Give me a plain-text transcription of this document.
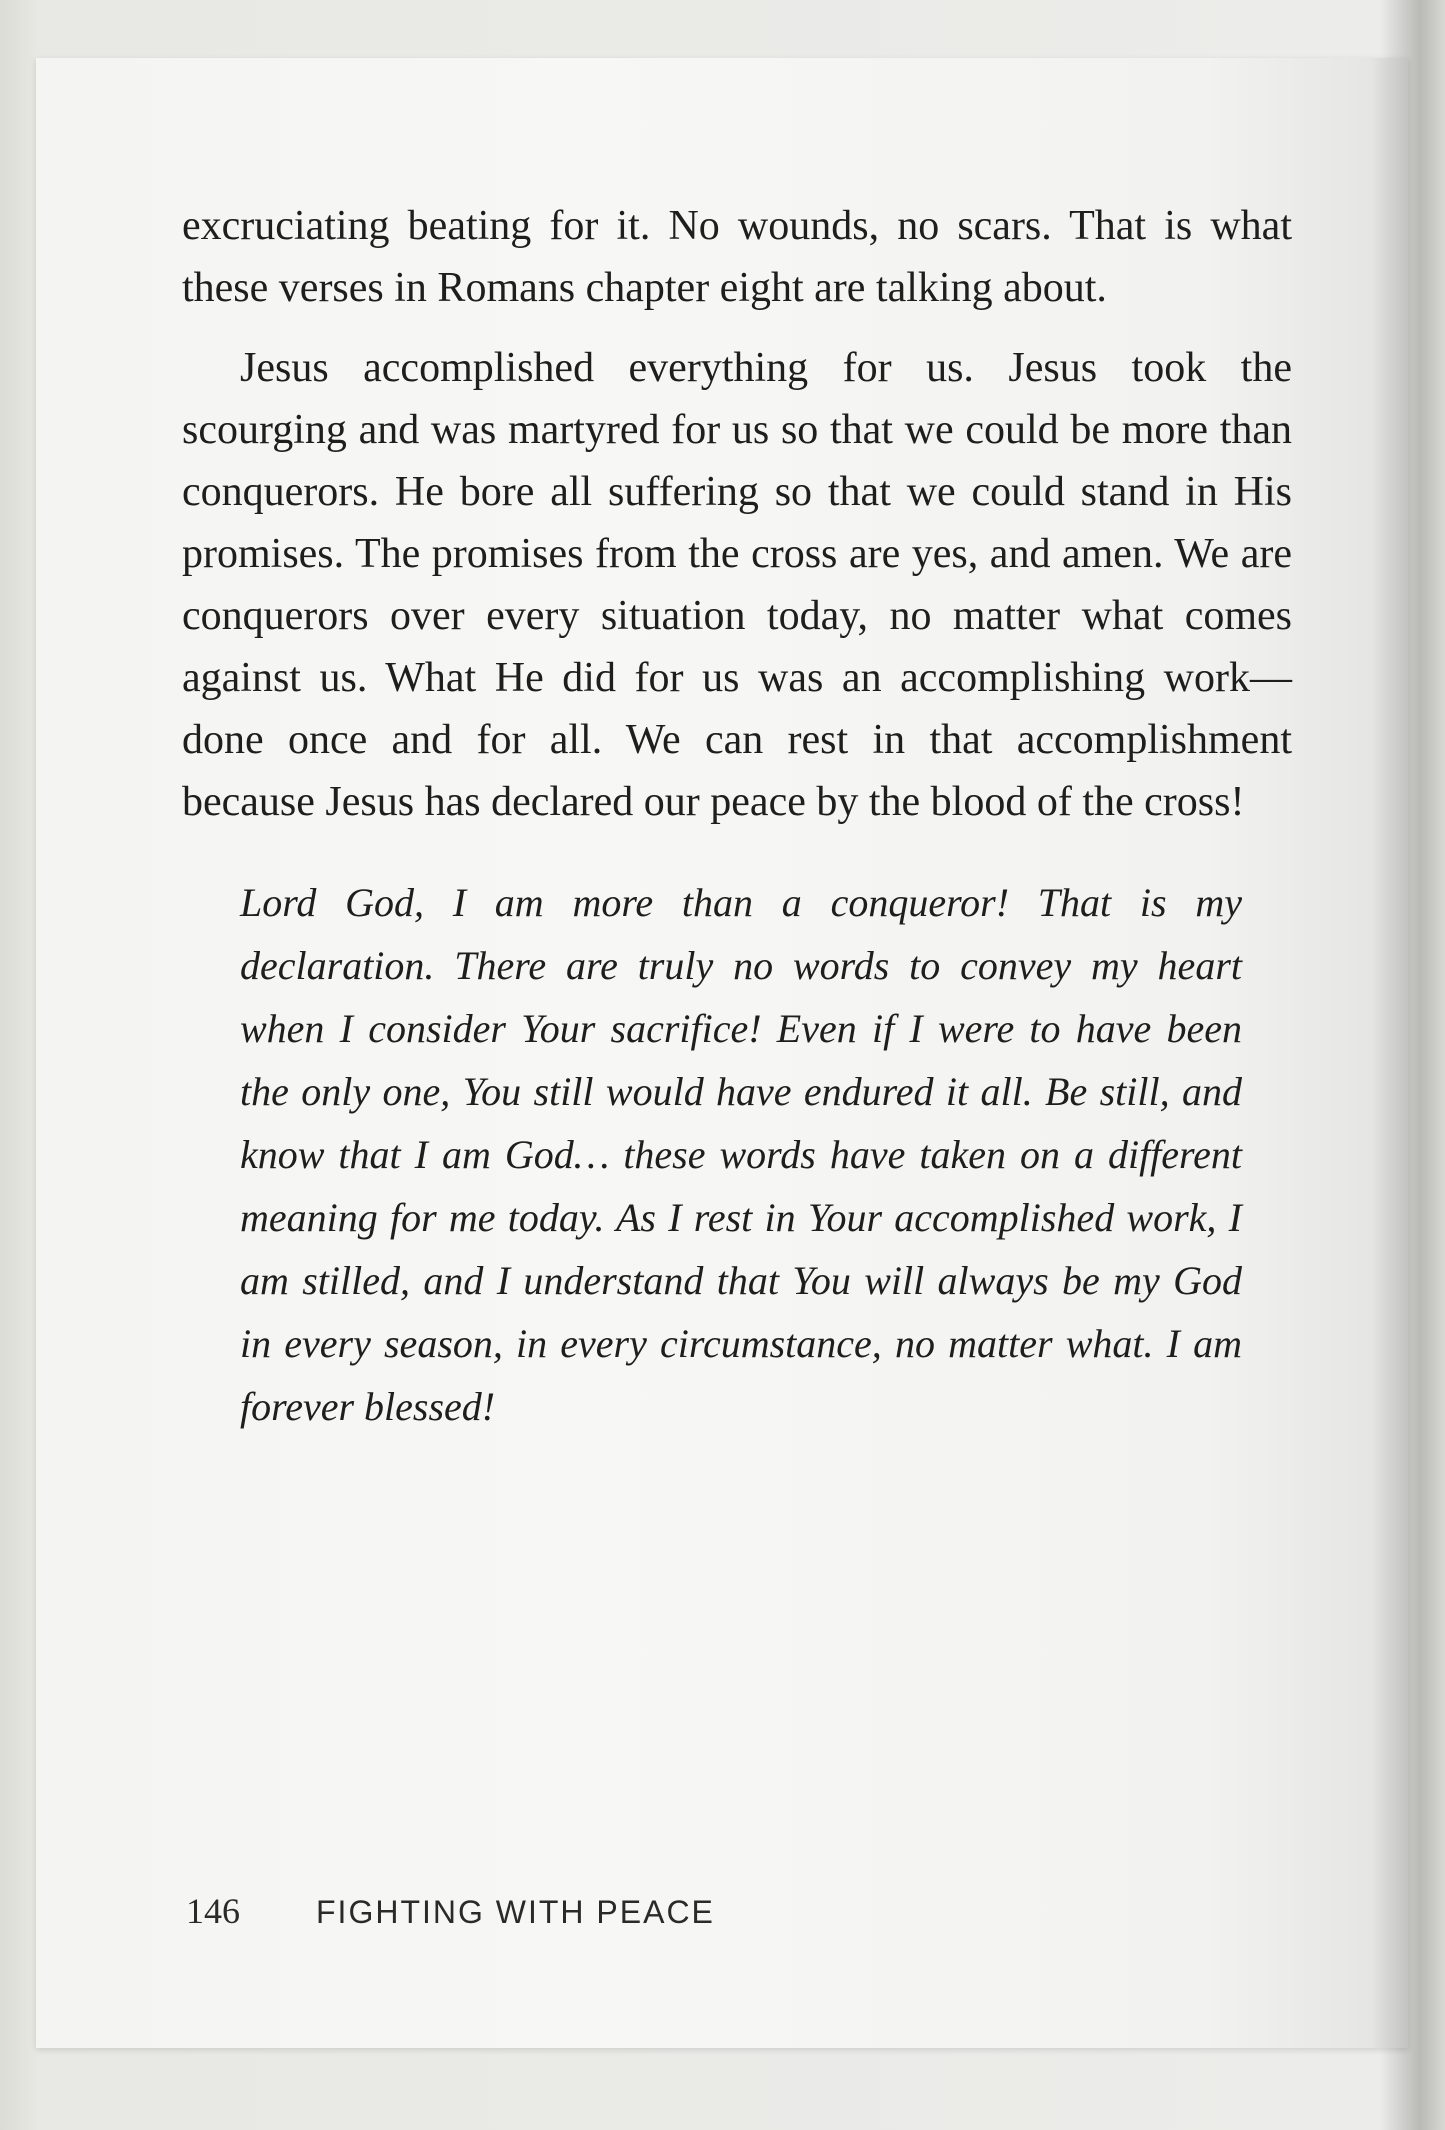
excruciating beating for it. No wounds, no scars. That is what these verses in Romans chapter eight are talking about.

Jesus accomplished everything for us. Jesus took the scourging and was martyred for us so that we could be more than conquerors. He bore all suffering so that we could stand in His promises. The promises from the cross are yes, and amen. We are conquerors over every situation today, no matter what comes against us. What He did for us was an accomplishing work—done once and for all. We can rest in that accomplishment because Jesus has declared our peace by the blood of the cross!

Lord God, I am more than a conqueror! That is my declaration. There are truly no words to convey my heart when I consider Your sacrifice! Even if I were to have been the only one, You still would have endured it all. Be still, and know that I am God… these words have taken on a different meaning for me today. As I rest in Your accomplished work, I am stilled, and I understand that You will always be my God in every season, in every circumstance, no matter what. I am forever blessed!

146 FIGHTING WITH PEACE
